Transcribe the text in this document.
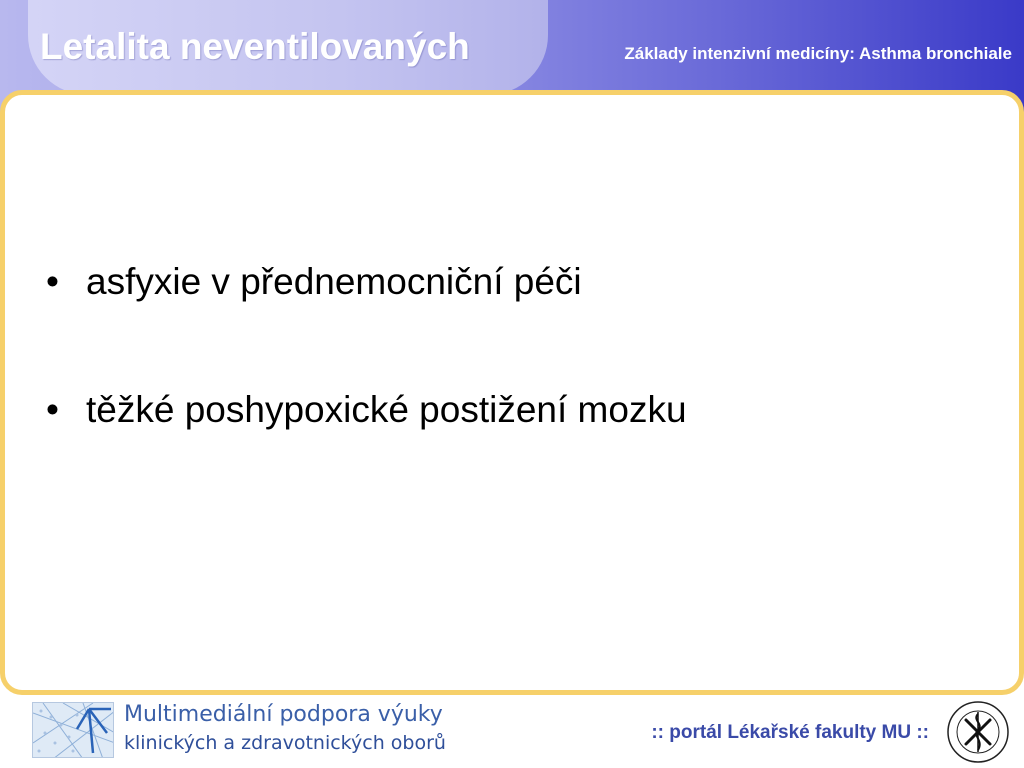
Letalita neventilovaných	Základy intenzivní medicíny: Asthma bronchiale
• asfyxie v přednemocniční péči
• těžké poshypoxické postižení mozku
Multimediální podpora výuky
klinických a zdravotnických oborů	:: portál Lékařské fakulty MU ::
